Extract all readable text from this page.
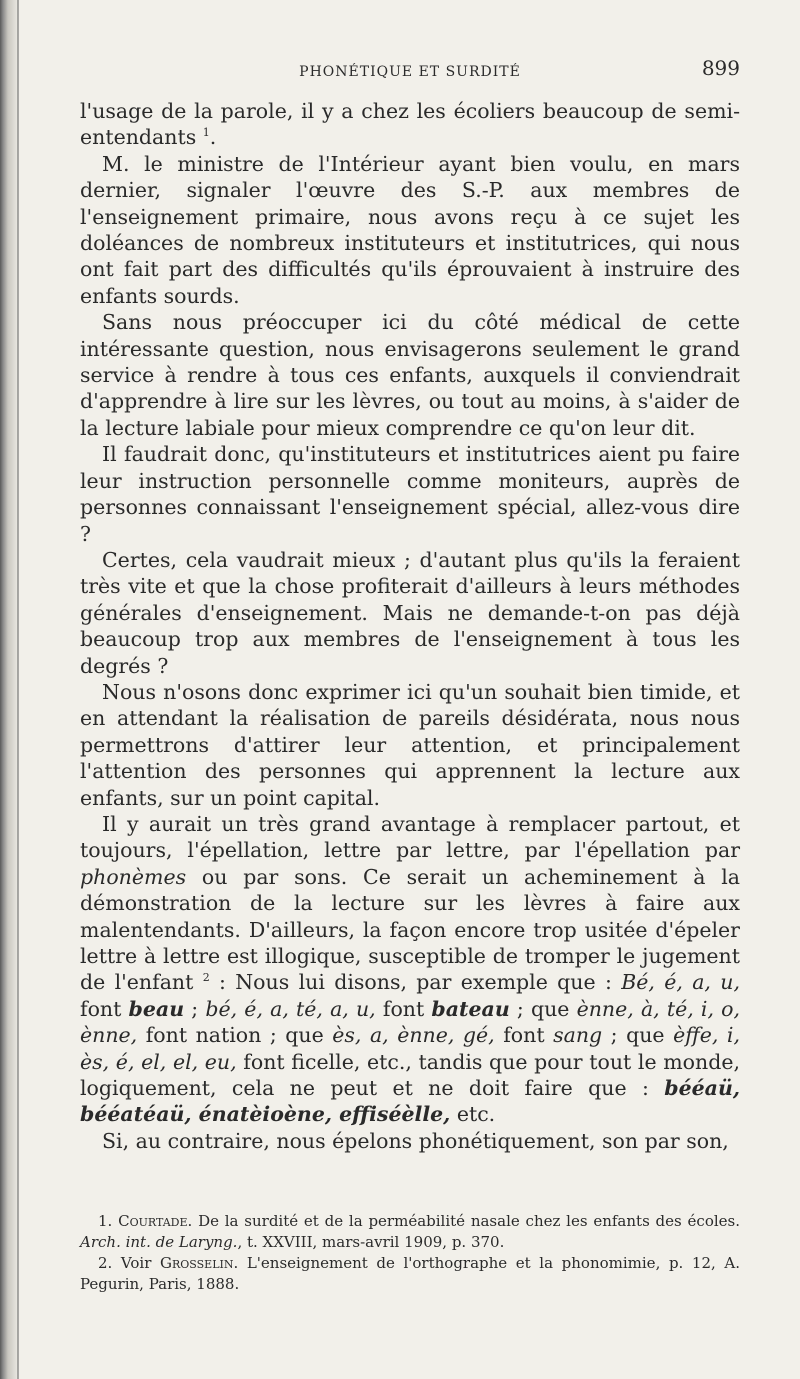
PHONÉTIQUE ET SURDITÉ	899

l'usage de la parole, il y a chez les écoliers beaucoup de semi-entendants $^1$.

M. le ministre de l'Intérieur ayant bien voulu, en mars dernier, signaler l'œuvre des S.-P. aux membres de l'enseignement primaire, nous avons reçu à ce sujet les doléances de nombreux instituteurs et institutrices, qui nous ont fait part des difficultés qu'ils éprouvaient à instruire des enfants sourds.

Sans nous préoccuper ici du côté médical de cette intéressante question, nous envisagerons seulement le grand service à rendre à tous ces enfants, auxquels il conviendrait d'apprendre à lire sur les lèvres, ou tout au moins, à s'aider de la lecture labiale pour mieux comprendre ce qu'on leur dit.

Il faudrait donc, qu'instituteurs et institutrices aient pu faire leur instruction personnelle comme moniteurs, auprès de personnes connaissant l'enseignement spécial, allez-vous dire ?

Certes, cela vaudrait mieux ; d'autant plus qu'ils la feraient très vite et que la chose profiterait d'ailleurs à leurs méthodes générales d'enseignement. Mais ne demande-t-on pas déjà beaucoup trop aux membres de l'enseignement à tous les degrés ?

Nous n'osons donc exprimer ici qu'un souhait bien timide, et en attendant la réalisation de pareils désidérata, nous nous permettrons d'attirer leur attention, et principalement l'attention des personnes qui apprennent la lecture aux enfants, sur un point capital.

Il y aurait un très grand avantage à remplacer partout, et toujours, l'épellation, lettre par lettre, par l'épellation par phonèmes ou par sons. Ce serait un acheminement à la démonstration de la lecture sur les lèvres à faire aux malentendants. D'ailleurs, la façon encore trop usitée d'épeler lettre à lettre est illogique, susceptible de tromper le jugement de l'enfant $^2$ : Nous lui disons, par exemple que : Bé, é, a, u, font beau ; bé, é, a, té, a, u, font bateau ; que ènne, à, té, i, o, ènne, font nation ; que ès, a, ènne, gé, font sang ; que èffe, i, ès, é, el, el, eu, font ficelle, etc., tandis que pour tout le monde, logiquement, cela ne peut et ne doit faire que : bééaü, bééatéaü, énatèioène, effiséèlle, etc.

Si, au contraire, nous épelons phonétiquement, son par son,

1. Courtade. De la surdité et de la perméabilité nasale chez les enfants des écoles. Arch. int. de Laryng., t. XXVIII, mars-avril 1909, p. 370.

2. Voir Grosselin. L'enseignement de l'orthographe et la phonomimie, p. 12, A. Pegurin, Paris, 1888.
